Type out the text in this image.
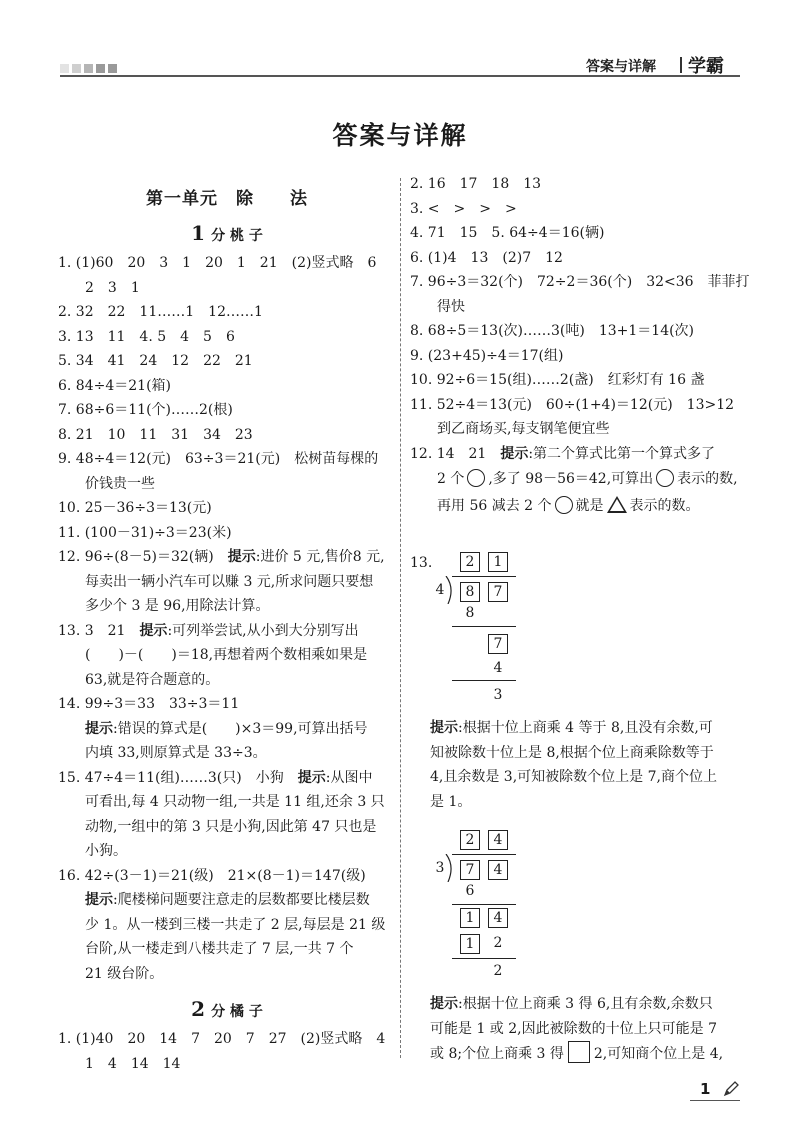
答案与详解 学霸
答案与详解
第一单元　除　　法
1 分 桃 子
1. (1)60　20　3　1　20　1　21　(2)竖式略　6
2　3　1
2. 32　22　11……1　12……1
3. 13　11　4. 5　4　5　6
5. 34　41　24　12　22　21
6. 84÷4＝21(箱)
7. 68÷6＝11(个)……2(根)
8. 21　10　11　31　34　23
9. 48÷4＝12(元)　63÷3＝21(元)　松树苗每棵的
价钱贵一些
10. 25－36÷3＝13(元)
11. (100－31)÷3＝23(米)
12. 96÷(8－5)＝32(辆)　提示:进价 5 元,售价8 元,
每卖出一辆小汽车可以赚 3 元,所求问题只要想
多少个 3 是 96,用除法计算。
13. 3　21　提示:可列举尝试,从小到大分别写出
(　　)－(　　)＝18,再想着两个数相乘如果是
63,就是符合题意的。
14. 99÷3＝33　33÷3＝11
提示:错误的算式是(　　)×3＝99,可算出括号
内填 33,则原算式是 33÷3。
15. 47÷4＝11(组)……3(只)　小狗　提示:从图中
可看出,每 4 只动物一组,一共是 11 组,还余 3 只
动物,一组中的第 3 只是小狗,因此第 47 只也是
小狗。
16. 42÷(3－1)＝21(级)　21×(8－1)＝147(级)
提示:爬楼梯问题要注意走的层数都要比楼层数
少 1。从一楼到三楼一共走了 2 层,每层是 21 级
台阶,从一楼走到八楼共走了 7 层,一共 7 个
21 级台阶。
2 分 橘 子
1. (1)40　20　14　7　20　7　27　(2)竖式略　4
1　4　14　14
2. 16　17　18　13
3. <　>　>　>
4. 71　15　5. 64÷4＝16(辆)
6. (1)4　13　(2)7　12
7. 96÷3＝32(个)　72÷2＝36(个)　32<36　菲菲打
得快
8. 68÷5＝13(次)……3(吨)　13+1＝14(次)
9. (23+45)÷4＝17(组)
10. 92÷6＝15(组)……2(盏)　红彩灯有 16 盏
11. 52÷4＝13(元)　60÷(1+4)＝12(元)　13>12
到乙商场买,每支钢笔便宜些
12. 14　21　提示:第二个算式比第一个算式多了
2 个 ,多了 98－56＝42,可算出 表示的数,
再用 56 减去 2 个 就是 表示的数。
13.	2	1
4	8	7
8
7
4
3
提示:根据十位上商乘 4 等于 8,且没有余数,可
知被除数十位上是 8,根据个位上商乘除数等于
4,且余数是 3,可知被除数个位上是 7,商个位上
是 1。
2	4
3	7	4
6
1	4
1	2
2
提示:根据十位上商乘 3 得 6,且有余数,余数只
可能是 1 或 2,因此被除数的十位上只可能是 7
或 8;个位上商乘 3 得 2,可知商个位上是 4,
1
